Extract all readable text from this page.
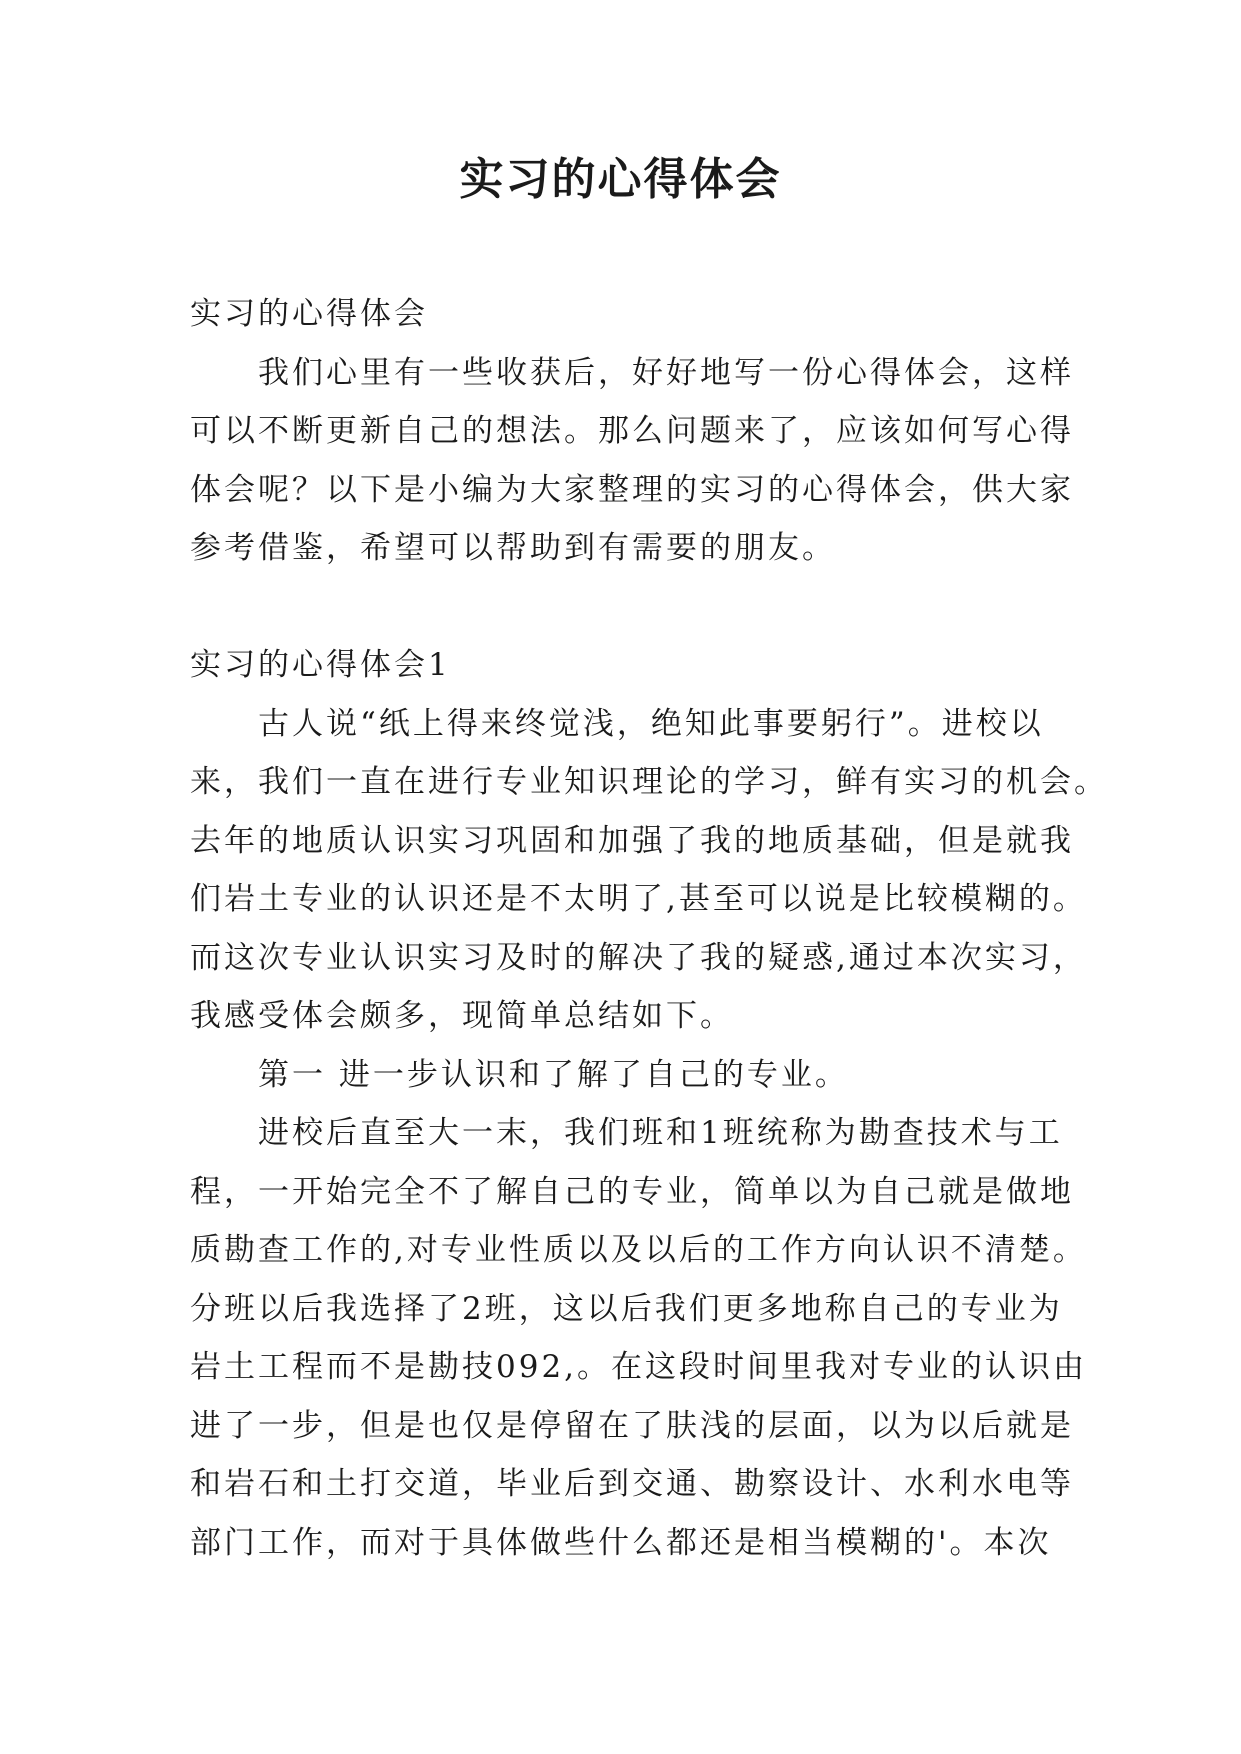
实习的心得体会
实习的心得体会
我们心里有一些收获后，好好地写一份心得体会，这样
可以不断更新自己的想法。那么问题来了，应该如何写心得
体会呢？以下是小编为大家整理的实习的心得体会，供大家
参考借鉴，希望可以帮助到有需要的朋友。
实习的心得体会1
古人说“纸上得来终觉浅，绝知此事要躬行”。进校以
来，我们一直在进行专业知识理论的学习，鲜有实习的机会。
去年的地质认识实习巩固和加强了我的地质基础，但是就我
们岩土专业的认识还是不太明了,甚至可以说是比较模糊的。
而这次专业认识实习及时的解决了我的疑惑,通过本次实习，
我感受体会颇多，现简单总结如下。
第一 进一步认识和了解了自己的专业。
进校后直至大一末，我们班和1班统称为勘查技术与工
程，一开始完全不了解自己的专业，简单以为自己就是做地
质勘查工作的,对专业性质以及以后的工作方向认识不清楚。
分班以后我选择了2班，这以后我们更多地称自己的专业为
岩土工程而不是勘技092,。在这段时间里我对专业的认识由
进了一步，但是也仅是停留在了肤浅的层面，以为以后就是
和岩石和土打交道，毕业后到交通、勘察设计、水利水电等
部门工作，而对于具体做些什么都还是相当模糊的'。本次
